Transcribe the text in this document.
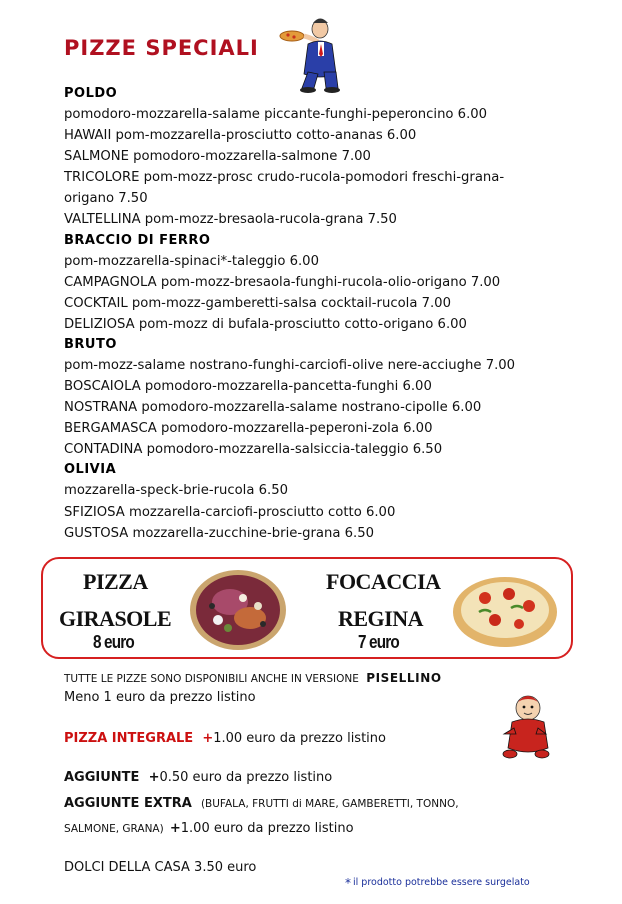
PIZZE SPECIALI
POLDO
pomodoro-mozzarella-salame piccante-funghi-peperoncino 6.00
HAWAII pom-mozzarella-prosciutto cotto-ananas 6.00
SALMONE pomodoro-mozzarella-salmone 7.00
TRICOLORE pom-mozz-prosc crudo-rucola-pomodori freschi-grana-
origano 7.50
VALTELLINA pom-mozz-bresaola-rucola-grana 7.50
BRACCIO DI FERRO
pom-mozzarella-spinaci*-taleggio 6.00
CAMPAGNOLA pom-mozz-bresaola-funghi-rucola-olio-origano 7.00
COCKTAIL pom-mozz-gamberetti-salsa cocktail-rucola 7.00
DELIZIOSA pom-mozz di bufala-prosciutto cotto-origano 6.00
BRUTO
pom-mozz-salame nostrano-funghi-carciofi-olive nere-acciughe 7.00
BOSCAIOLA pomodoro-mozzarella-pancetta-funghi 6.00
NOSTRANA pomodoro-mozzarella-salame nostrano-cipolle 6.00
BERGAMASCA pomodoro-mozzarella-peperoni-zola 6.00
CONTADINA pomodoro-mozzarella-salsiccia-taleggio 6.50
OLIVIA
mozzarella-speck-brie-rucola 6.50
SFIZIOSA mozzarella-carciofi-prosciutto cotto 6.00
GUSTOSA mozzarella-zucchine-brie-grana 6.50
PIZZA
GIRASOLE
8 euro
FOCACCIA
REGINA
7 euro
TUTTE LE PIZZE SONO DISPONIBILI ANCHE IN VERSIONE PISELLINO
Meno 1 euro da prezzo listino
PIZZA INTEGRALE +1.00 euro da prezzo listino
AGGIUNTE +0.50 euro da prezzo listino
AGGIUNTE EXTRA (BUFALA, FRUTTI di MARE, GAMBERETTI, TONNO,
SALMONE, GRANA) +1.00 euro da prezzo listino
DOLCI DELLA CASA 3.50 euro
* il prodotto potrebbe essere surgelato
